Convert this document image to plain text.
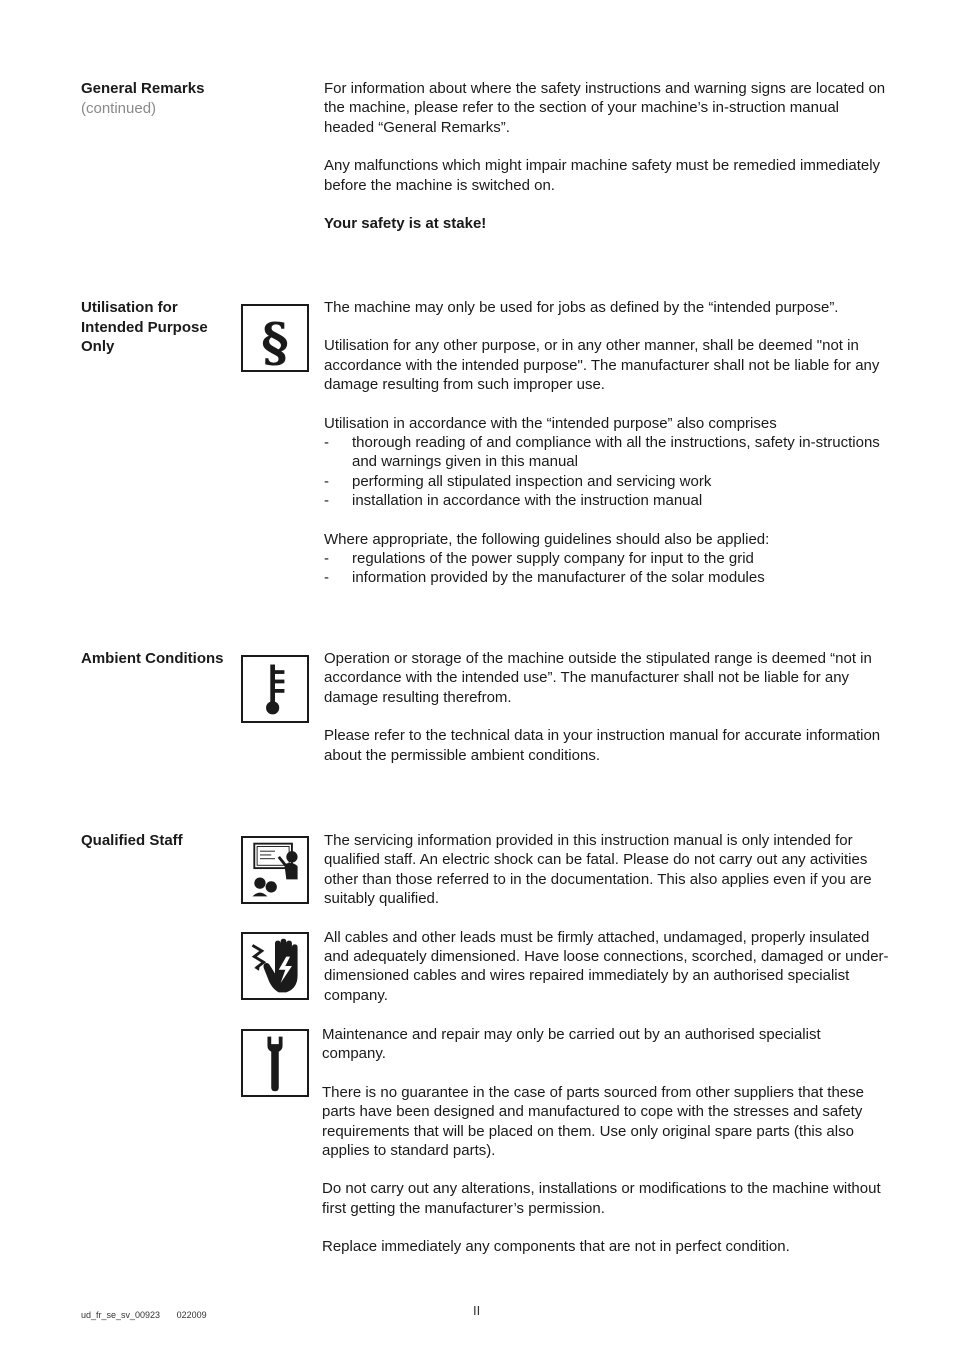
General Remarks
(continued)

For information about where the safety instructions and warning signs are located on the machine, please refer to the section of your machine’s in-struction manual headed “General Remarks”.

Any malfunctions which might impair machine safety must be remedied immediately before the machine is switched on.

Your safety is at stake!

Utilisation for Intended Purpose Only	§

The machine may only be used for jobs as defined by the “intended purpose”.

Utilisation for any other purpose, or in any other manner, shall be deemed "not in accordance with the intended purpose". The manufacturer shall not be liable for any damage resulting from such improper use.

Utilisation in accordance with the “intended purpose” also comprises

- thorough reading of and compliance with all the instructions, safety in-structions and warnings given in this manual
- performing all stipulated inspection and servicing work
- installation in accordance with the instruction manual

Where appropriate, the following guidelines should also be applied:

- regulations of the power supply company for input to the grid
- information provided by the manufacturer of the solar modules
Ambient Conditions	Operation or storage of the machine outside the stipulated range is deemed “not in accordance with the intended use”. The manufacturer shall not be liable for any damage resulting therefrom.

Please refer to the technical data in your instruction manual for accurate information about the permissible ambient conditions.

Qualified Staff	The servicing information provided in this instruction manual is only intended for qualified staff. An electric shock can be fatal. Please do not carry out any activities other than those referred to in the documentation. This also applies even if you are suitably qualified.

All cables and other leads must be firmly attached, undamaged, properly insulated and adequately dimensioned. Have loose connections, scorched, damaged or under-dimensioned cables and wires repaired immediately by an authorised specialist company.

Maintenance and repair may only be carried out by an authorised specialist company.

There is no guarantee in the case of parts sourced from other suppliers that these parts have been designed and manufactured to cope with the stresses and safety requirements that will be placed on them. Use only original spare parts (this also applies to standard parts).

Do not carry out any alterations, installations or modifications to the machine without first getting the manufacturer’s permission.

Replace immediately any components that are not in perfect condition.

ud_fr_se_sv_00923 022009	II
